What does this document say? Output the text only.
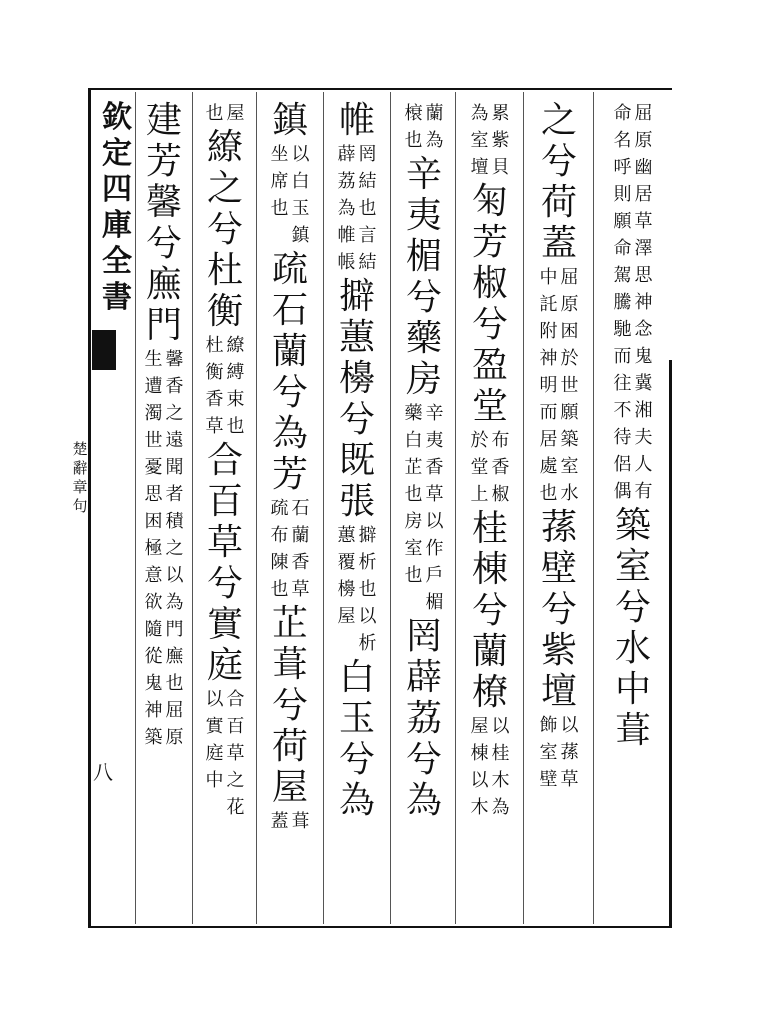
欽
定
四
庫
全
書
楚
辭
章
句
八
屈
原
幽
居
草
澤
思
神
念
鬼
冀
湘
夫
人
有
命
名
呼
則
願
命
駕
騰
馳
而
往
不
待
侶
偶
築
室
兮
水
中
葺
之
兮
荷
蓋
屈
原
困
於
世
願
築
室
水
中
託
附
神
明
而
居
處
也
蓀
壁
兮
紫
壇
以
蓀
草
飾
室
壁
累
紫
貝
為
室
壇
匊
芳
椒
兮
盈
堂
布
香
椒
於
堂
上
桂
棟
兮
蘭
橑
以
桂
木
為
屋
棟
以
木
蘭
為
榱
也
辛
夷
楣
兮
藥
房
辛
夷
香
草
以
作
戶
楣
藥
白
芷
也
房
室
也
罔
薜
荔
兮
為
帷
罔
結
也
言
結
薜
荔
為
帷
帳
擗
蕙
櫋
兮
既
張
擗
析
也
以
析
蕙
覆
櫋
屋
白
玉
兮
為
鎮
以
白
玉
鎮
坐
席
也
疏
石
蘭
兮
為
芳
石
蘭
香
草
疏
布
陳
也
芷
葺
兮
荷
屋
葺
蓋
屋
也
繚
之
兮
杜
衡
繚
縛
束
也
杜
衡
香
草
合
百
草
兮
實
庭
合
百
草
之
花
以
實
庭
中
建
芳
馨
兮
廡
門
馨
香
之
遠
聞
者
積
之
以
為
門
廡
也
屈
原
生
遭
濁
世
憂
思
困
極
意
欲
隨
從
鬼
神
築
